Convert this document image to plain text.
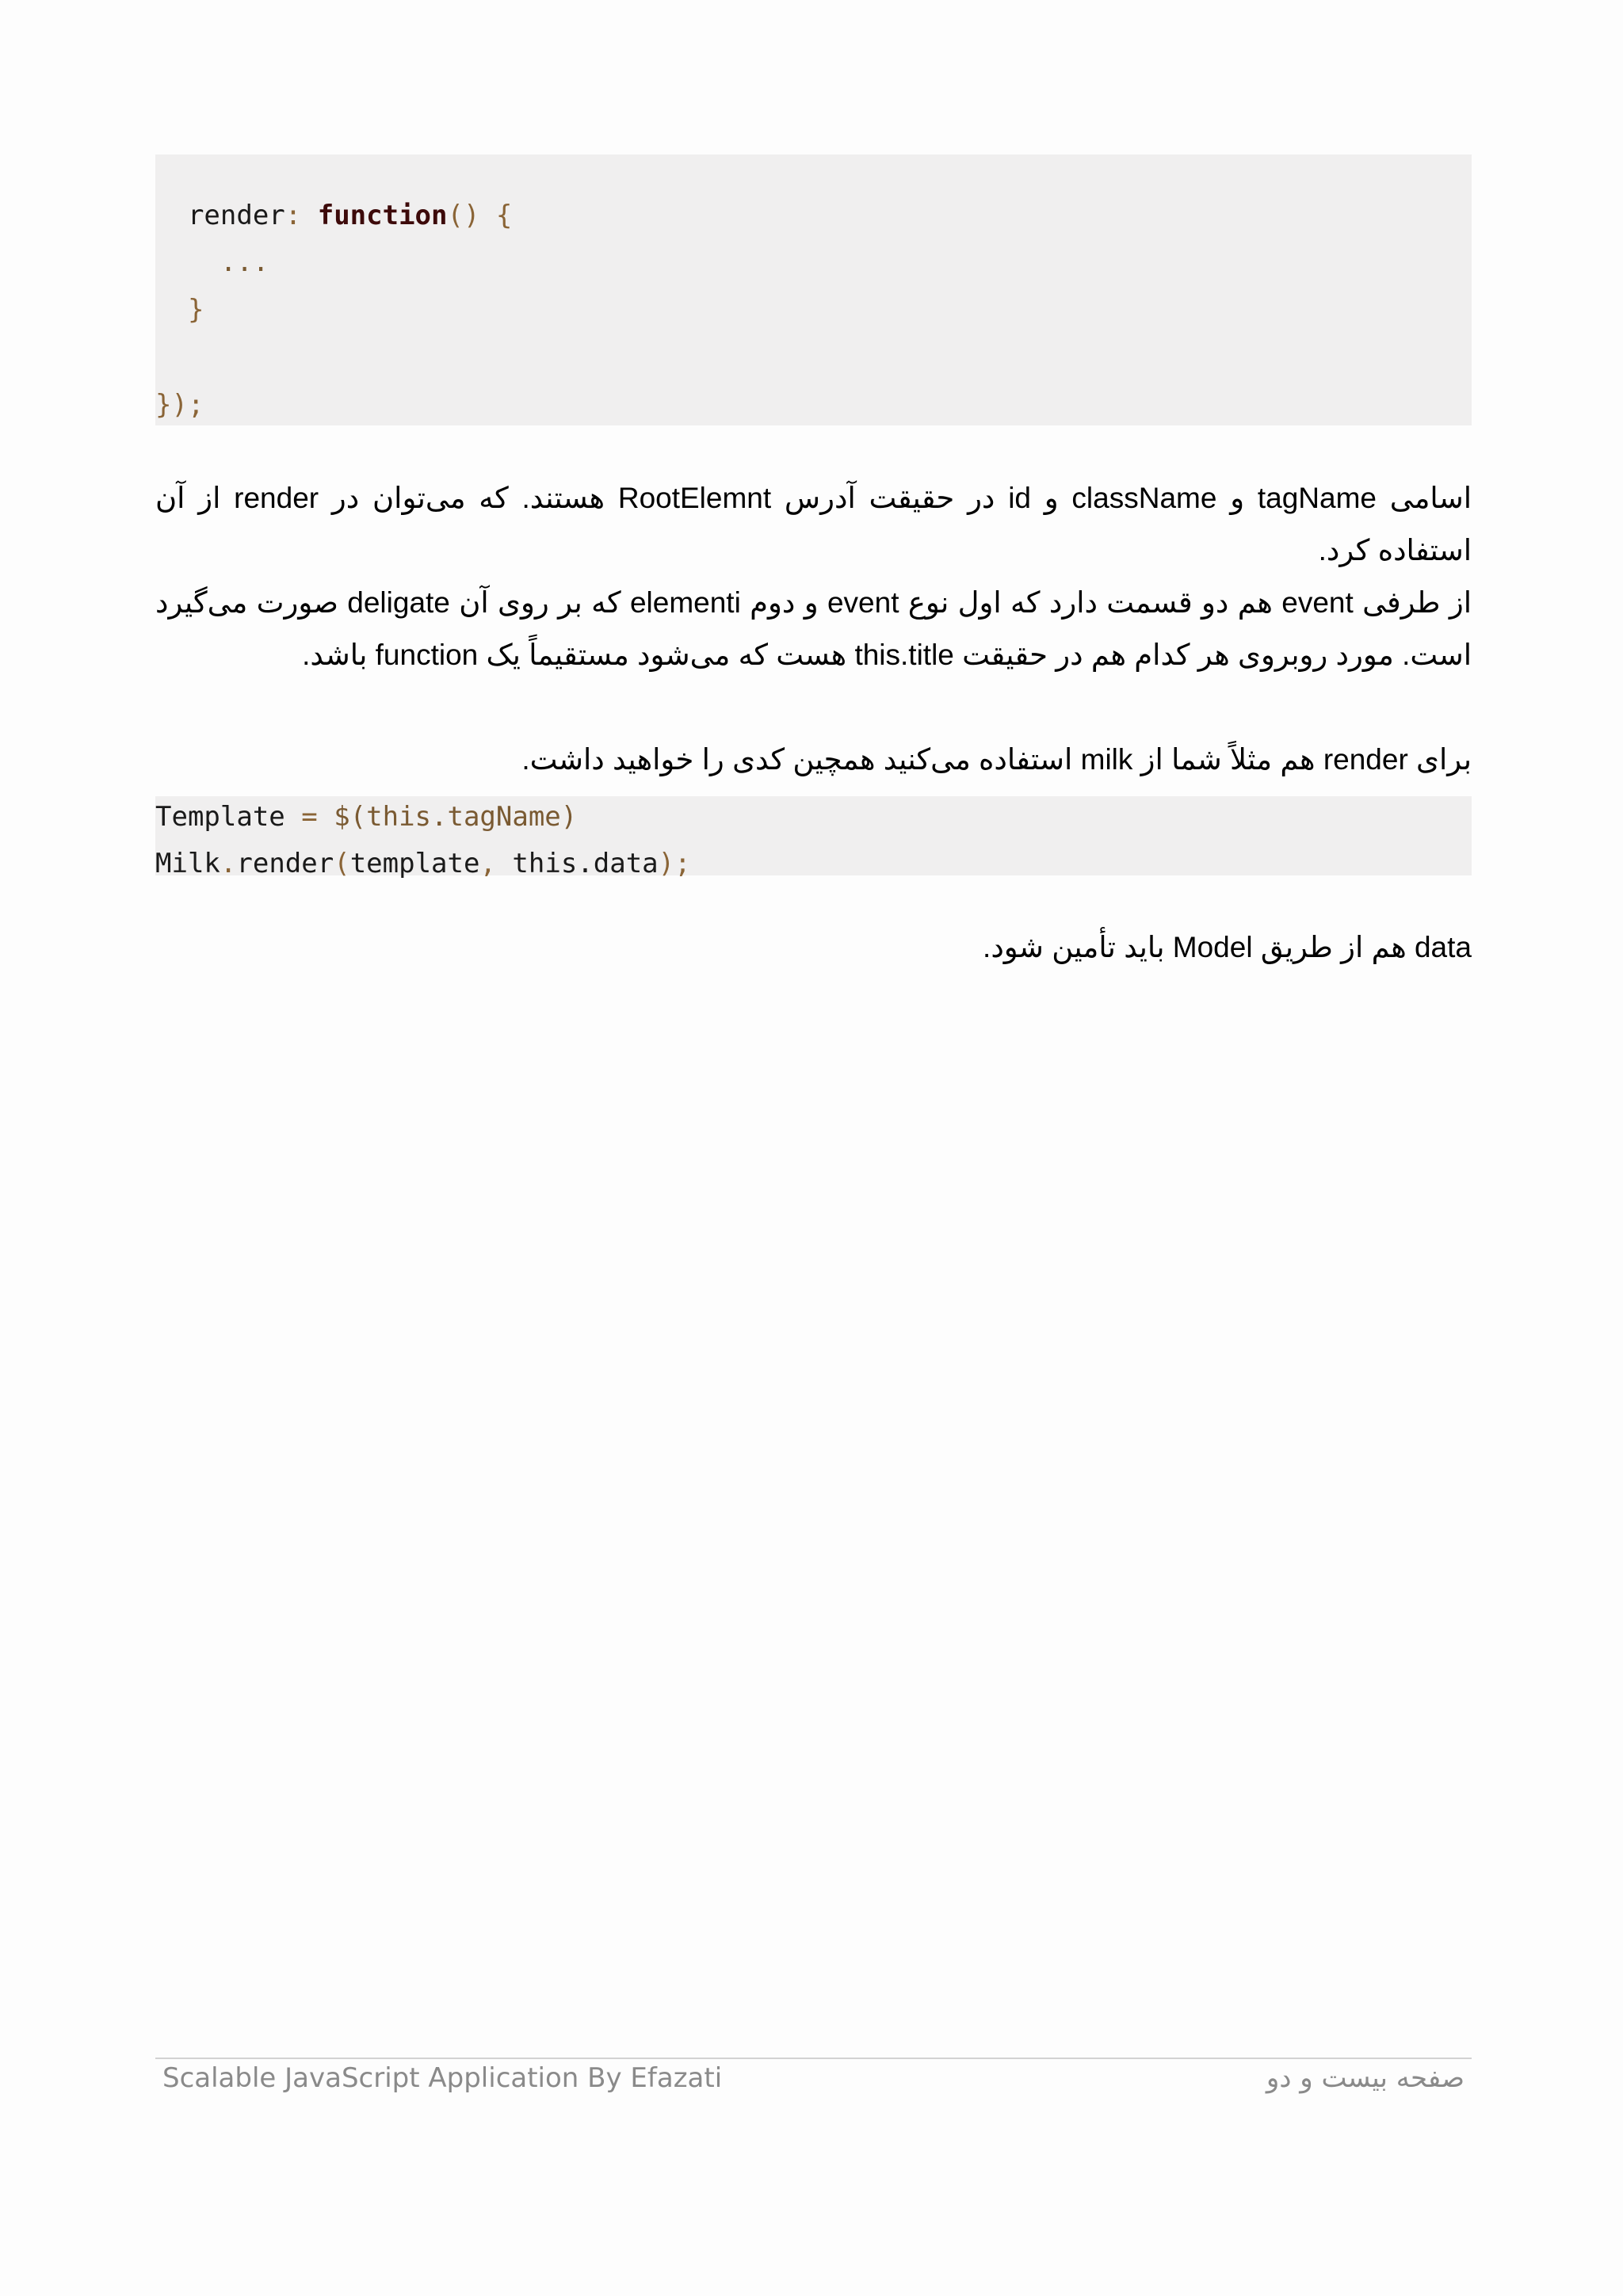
render: function() {

...

}

});

اسامی tagName و className و id در حقیقت آدرس RootElemnt هستند. که می‌توان در render از آن استفاده کرد.
از طرفی event هم دو قسمت دارد که اول نوع event و دوم elementi که بر روی آن deligate صورت می‌گیرد است. مورد روبروی هر کدام هم در حقیقت this.title هست که می‌شود مستقیماً یک function باشد.
برای render هم مثلاً شما از milk استفاده می‌کنید همچین کدی را خواهید داشت.

Template = $(this.tagName)

Milk.render(template, this.data);

data هم از طریق Model باید تأمین شود.
Scalable JavaScript Application By Efazati	صفحه بیست و دو
